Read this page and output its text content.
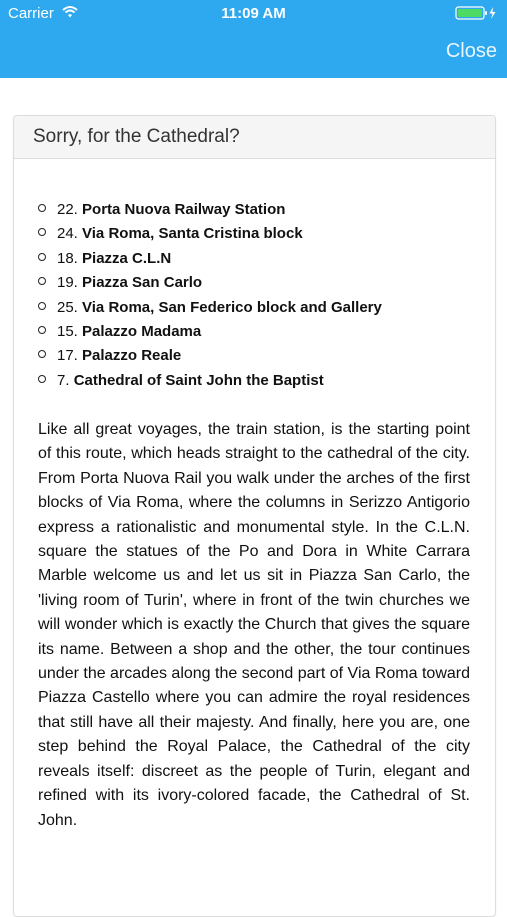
Carrier	11:09 AM
Close
Sorry, for the Cathedral?
22. Porta Nuova Railway Station
24. Via Roma, Santa Cristina block
18. Piazza C.L.N
19. Piazza San Carlo
25. Via Roma, San Federico block and Gallery
15. Palazzo Madama
17. Palazzo Reale
7. Cathedral of Saint John the Baptist

Like all great voyages, the train station, is the starting point of this route, which heads straight to the cathedral of the city. From Porta Nuova Rail you walk under the arches of the first blocks of Via Roma, where the columns in Serizzo Antigorio express a rationalistic and monumental style. In the C.L.N. square the statues of the Po and Dora in White Carrara Marble welcome us and let us sit in Piazza San Carlo, the 'living room of Turin', where in front of the twin churches we will wonder which is exactly the Church that gives the square its name. Between a shop and the other, the tour continues under the arcades along the second part of Via Roma toward Piazza Castello where you can admire the royal residences that still have all their majesty. And finally, here you are, one step behind the Royal Palace, the Cathedral of the city reveals itself: discreet as the people of Turin, elegant and refined with its ivory-colored facade, the Cathedral of St. John.
